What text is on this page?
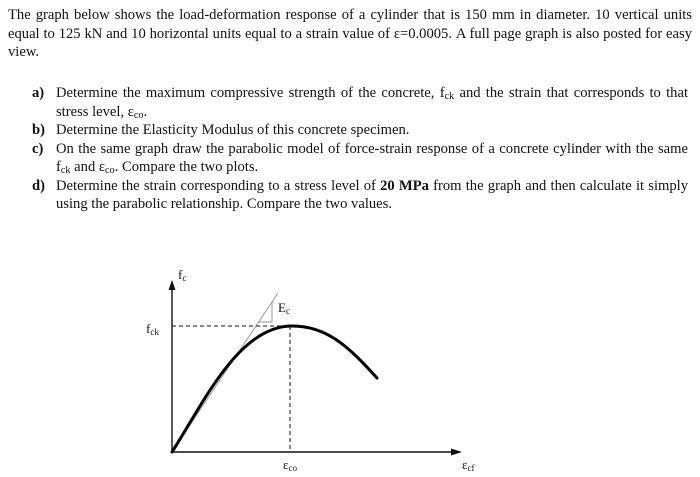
The graph below shows the load-deformation response of a cylinder that is 150 mm in diameter. 10 vertical units equal to 125 kN and 10 horizontal units equal to a strain value of ε=0.0005. A full page graph is also posted for easy view.

a) Determine the maximum compressive strength of the concrete, $f_{ck}$ and the strain that corresponds to that stress level, $\varepsilon_{co}$.
b) Determine the Elasticity Modulus of this concrete specimen.
c) On the same graph draw the parabolic model of force-strain response of a concrete cylinder with the same $f_{ck}$ and $\varepsilon_{co}$. Compare the two plots.
d) Determine the strain corresponding to a stress level of 20 MPa from the graph and then calculate it simply using the parabolic relationship. Compare the two values.
$f_c$
$f_{ck}$
$E_c$
$\varepsilon_{co}$	$\varepsilon_{cf}$
